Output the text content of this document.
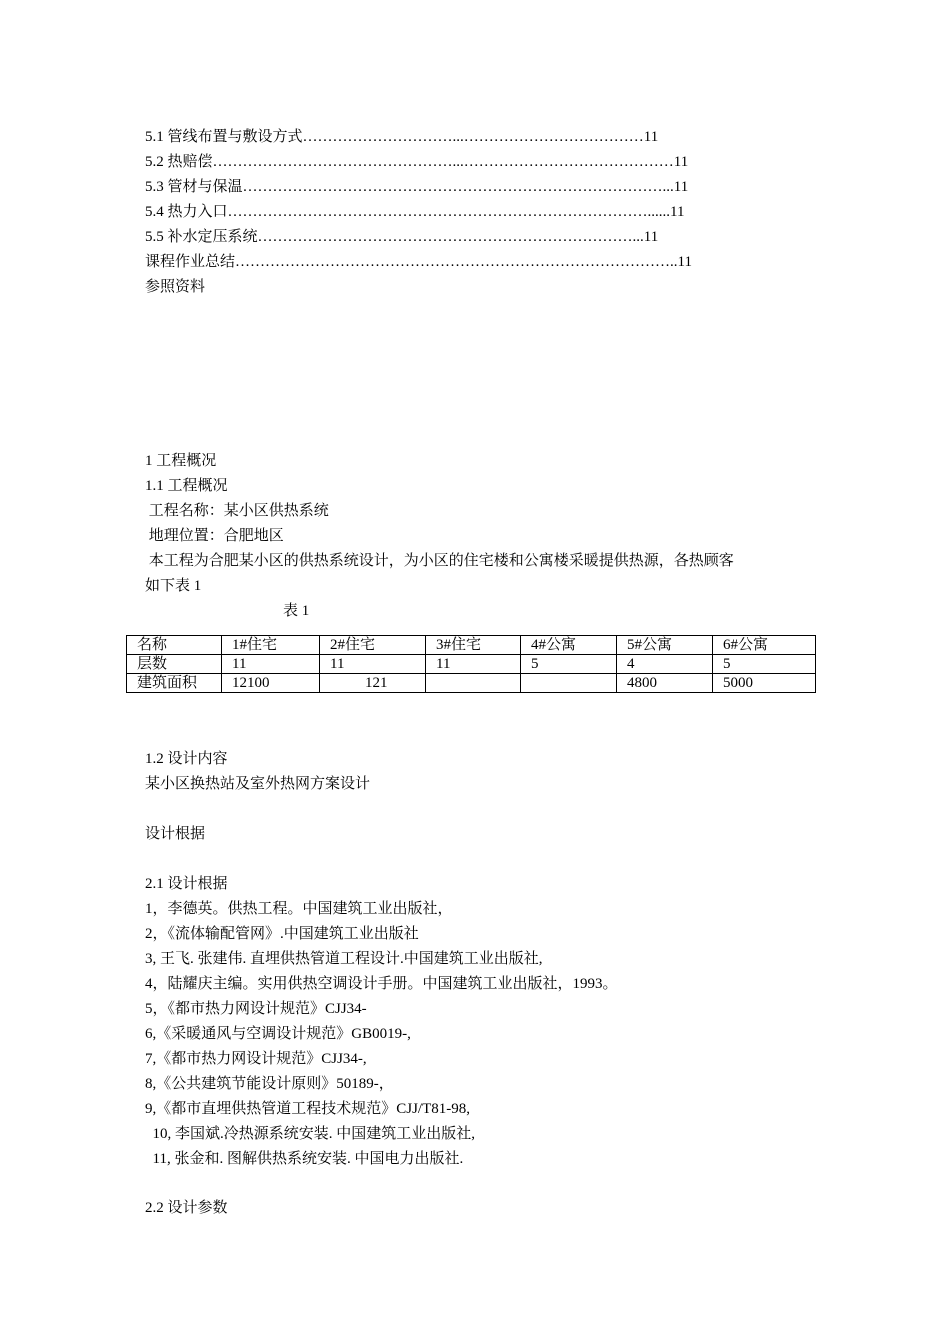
5.1 管线布置与敷设方式…………………………...………………………………11
5.2 热赔偿…………………………………………...……………………………………11
5.3 管材与保温…………………………………………………………………………...11
5.4 热力入口…………………………………………………………………………......11
5.5 补水定压系统…………………………………………………………………...11
课程作业总结……………………………………………………………………………..11
参照资料
1 工程概况
1.1 工程概况
工程名称：某小区供热系统
地理位置：合肥地区
本工程为合肥某小区的供热系统设计，为小区的住宅楼和公寓楼采暖提供热源，各热顾客
如下表 1
表 1
名称	1#住宅	2#住宅	3#住宅	4#公寓	5#公寓	6#公寓
层数	11	11	11	5	4	5
建筑面积	12100	121			4800	5000
1.2 设计内容
某小区换热站及室外热网方案设计
设计根据
2.1 设计根据
1，李德英。供热工程。中国建筑工业出版社，
2，《流体输配管网》.中国建筑工业出版社
3, 王飞. 张建伟. 直埋供热管道工程设计.中国建筑工业出版社,
4，陆耀庆主编。实用供热空调设计手册。中国建筑工业出版社，1993。
5，《都市热力网设计规范》CJJ34-
6,《采暖通风与空调设计规范》GB0019-,
7,《都市热力网设计规范》CJJ34-,
8,《公共建筑节能设计原则》50189-，
9,《都市直埋供热管道工程技术规范》CJJ/T81-98,
10, 李国斌.冷热源系统安装. 中国建筑工业出版社,
11, 张金和. 图解供热系统安装. 中国电力出版社.
2.2 设计参数
